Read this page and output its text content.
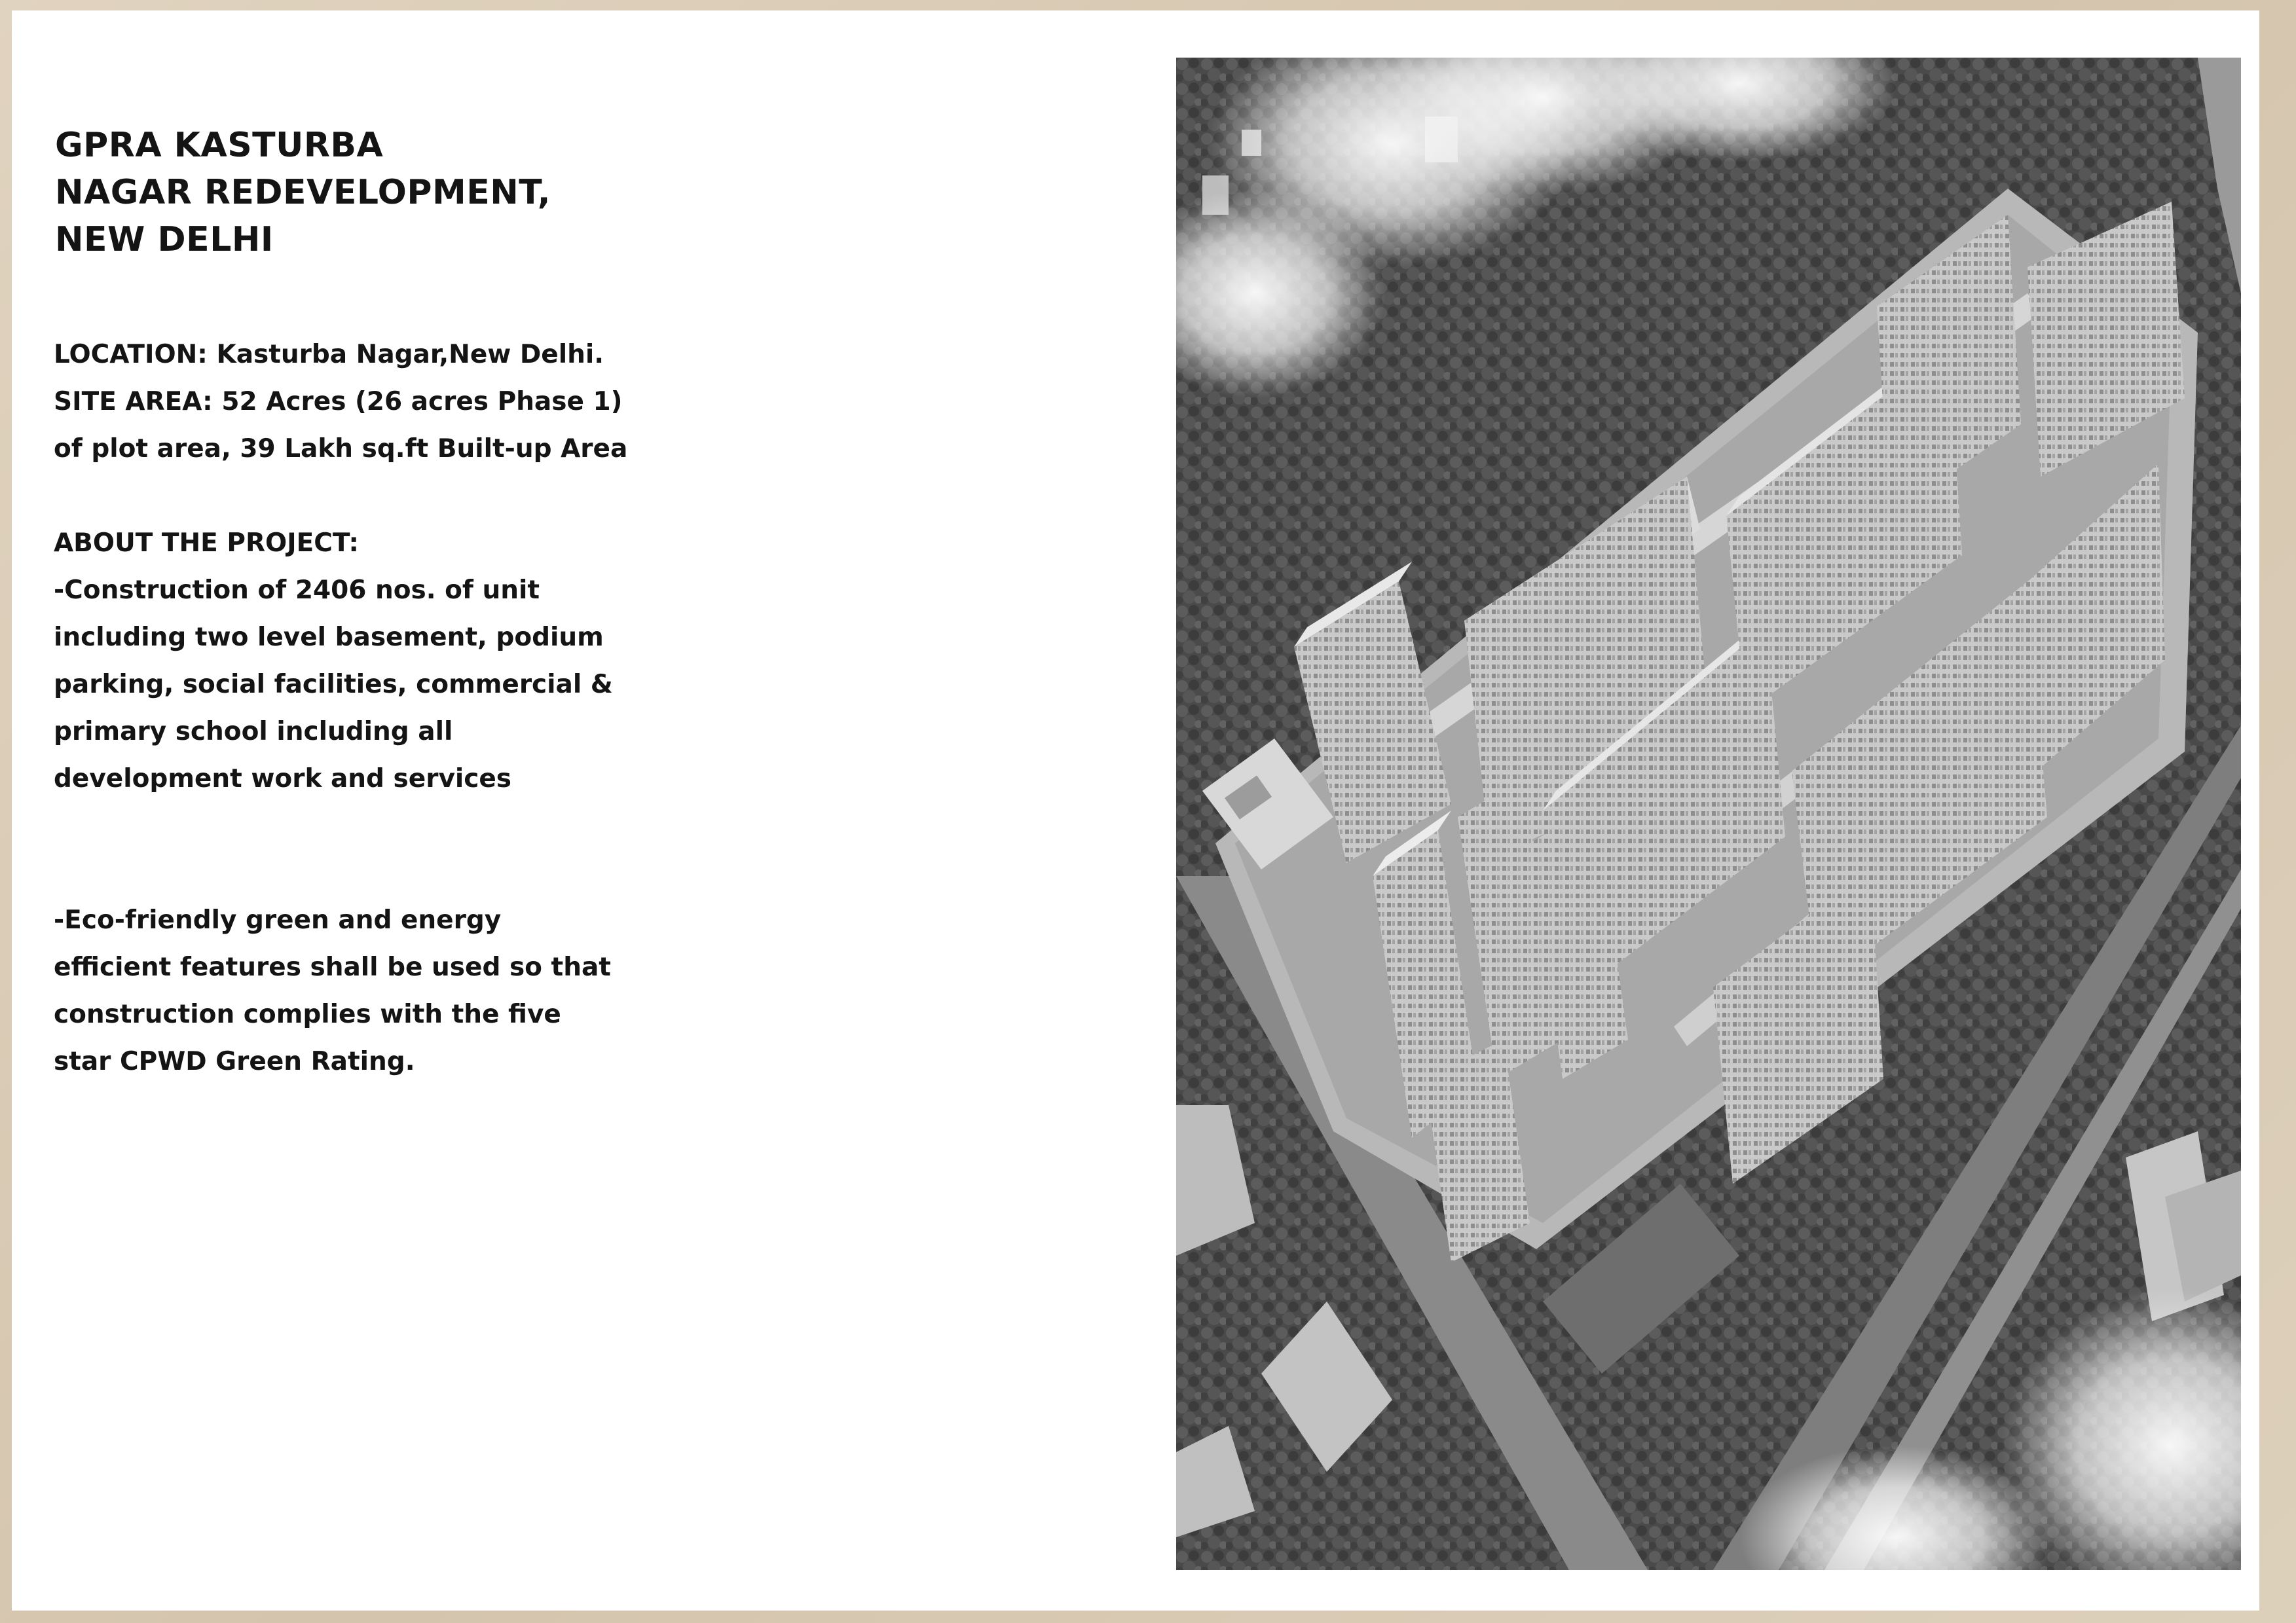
GPRA KASTURBA
NAGAR REDEVELOPMENT,
NEW DELHI

LOCATION: Kasturba Nagar,New Delhi.
SITE AREA: 52 Acres (26 acres Phase 1)
of plot area, 39 Lakh sq.ft Built-up Area

ABOUT THE PROJECT:
-Construction of 2406 nos. of unit
including two level basement, podium
parking, social facilities, commercial &
primary school including all
development work and services

-Eco-friendly green and energy
efficient features shall be used so that
construction complies with the five
star CPWD Green Rating.
